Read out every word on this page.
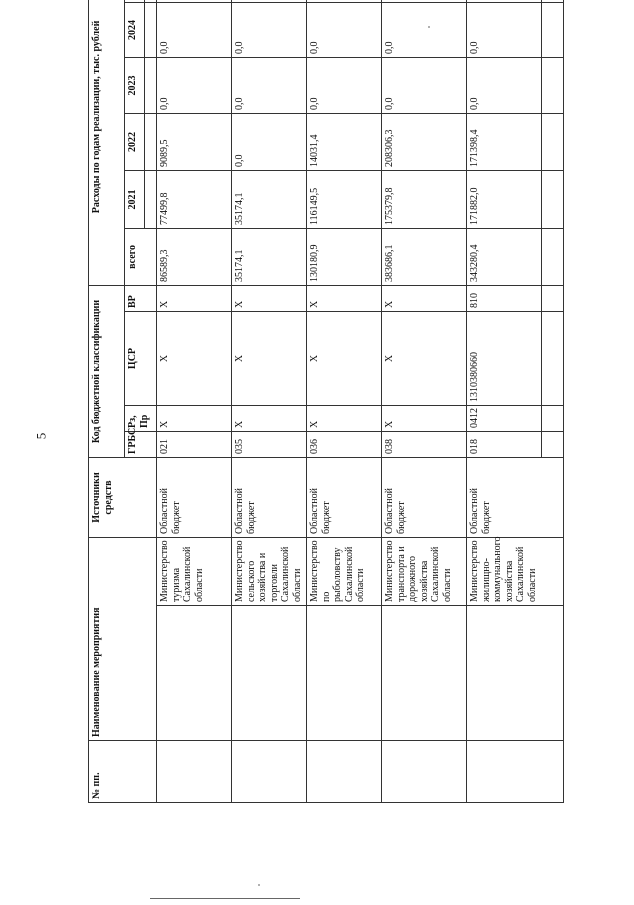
5
№ пп.	Наименование мероприятия		Источники средств	Код бюджетной классификации				Расходы по годам реализации, тыс. рублей					
				ГРБС	Рз, Пр	ЦСР	ВР	всего	2021	2022	2023	2024	

		Министерство туризма Сахалинской области	Областной бюджет	021	X	X	X	86589,3	77499,8	9089,5	0,0	0,0	
		Министерство сельского хозяйства и торговли Сахалинской области	Областной бюджет	035	X	X	X	35174,1	35174,1	0,0	0,0	0,0	
		Министерство по рыболовству Сахалинской области	Областной бюджет	036	X	X	X	130180,9	116149,5	14031,4	0,0	0,0	
		Министерство транспорта и дорожного хозяйства Сахалинской области	Областной бюджет	038	X	X	X	383686,1	175379,8	208306,3	0,0	0,0	
		Министерство жилищно-коммунального хозяйства Сахалинской области	Областной бюджет	018	0412	1310380660	810	343280,4	171882,0	171398,4	0,0	0,0	
